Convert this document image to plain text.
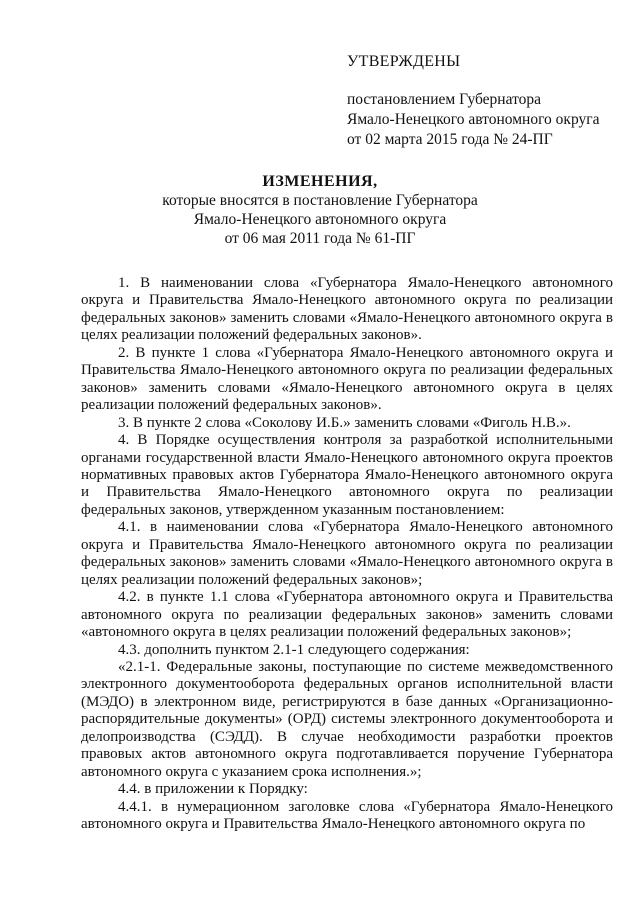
УТВЕРЖДЕНЫ
постановлением Губернатора
Ямало-Ненецкого автономного округа
от 02 марта 2015 года № 24-ПГ
ИЗМЕНЕНИЯ,
которые вносятся в постановление Губернатора
Ямало-Ненецкого автономного округа
от 06 мая 2011 года № 61-ПГ

1. В наименовании слова «Губернатора Ямало-Ненецкого автономного округа и Правительства Ямало-Ненецкого автономного округа по реализации федеральных законов» заменить словами «Ямало-Ненецкого автономного округа в целях реализации положений федеральных законов».

2. В пункте 1 слова «Губернатора Ямало-Ненецкого автономного округа и Правительства Ямало-Ненецкого автономного округа по реализации федеральных законов» заменить словами «Ямало-Ненецкого автономного округа в целях реализации положений федеральных законов».

3. В пункте 2 слова «Соколову И.Б.» заменить словами «Фиголь Н.В.».

4. В Порядке осуществления контроля за разработкой исполнительными органами государственной власти Ямало-Ненецкого автономного округа проектов нормативных правовых актов Губернатора Ямало-Ненецкого автономного округа и Правительства Ямало-Ненецкого автономного округа по реализации федеральных законов, утвержденном указанным постановлением:

4.1. в наименовании слова «Губернатора Ямало-Ненецкого автономного округа и Правительства Ямало-Ненецкого автономного округа по реализации федеральных законов» заменить словами «Ямало-Ненецкого автономного округа в целях реализации положений федеральных законов»;

4.2. в пункте 1.1 слова «Губернатора автономного округа и Правительства автономного округа по реализации федеральных законов» заменить словами «автономного округа в целях реализации положений федеральных законов»;

4.3. дополнить пунктом 2.1-1 следующего содержания:

«2.1-1. Федеральные законы, поступающие по системе межведомственного электронного документооборота федеральных органов исполнительной власти (МЭДО) в электронном виде, регистрируются в базе данных «Организационно-распорядительные документы» (ОРД) системы электронного документооборота и делопроизводства (СЭДД). В случае необходимости разработки проектов правовых актов автономного округа подготавливается поручение Губернатора автономного округа с указанием срока исполнения.»;

4.4. в приложении к Порядку:

4.4.1. в нумерационном заголовке слова «Губернатора Ямало-Ненецкого автономного округа и Правительства Ямало-Ненецкого автономного округа по
